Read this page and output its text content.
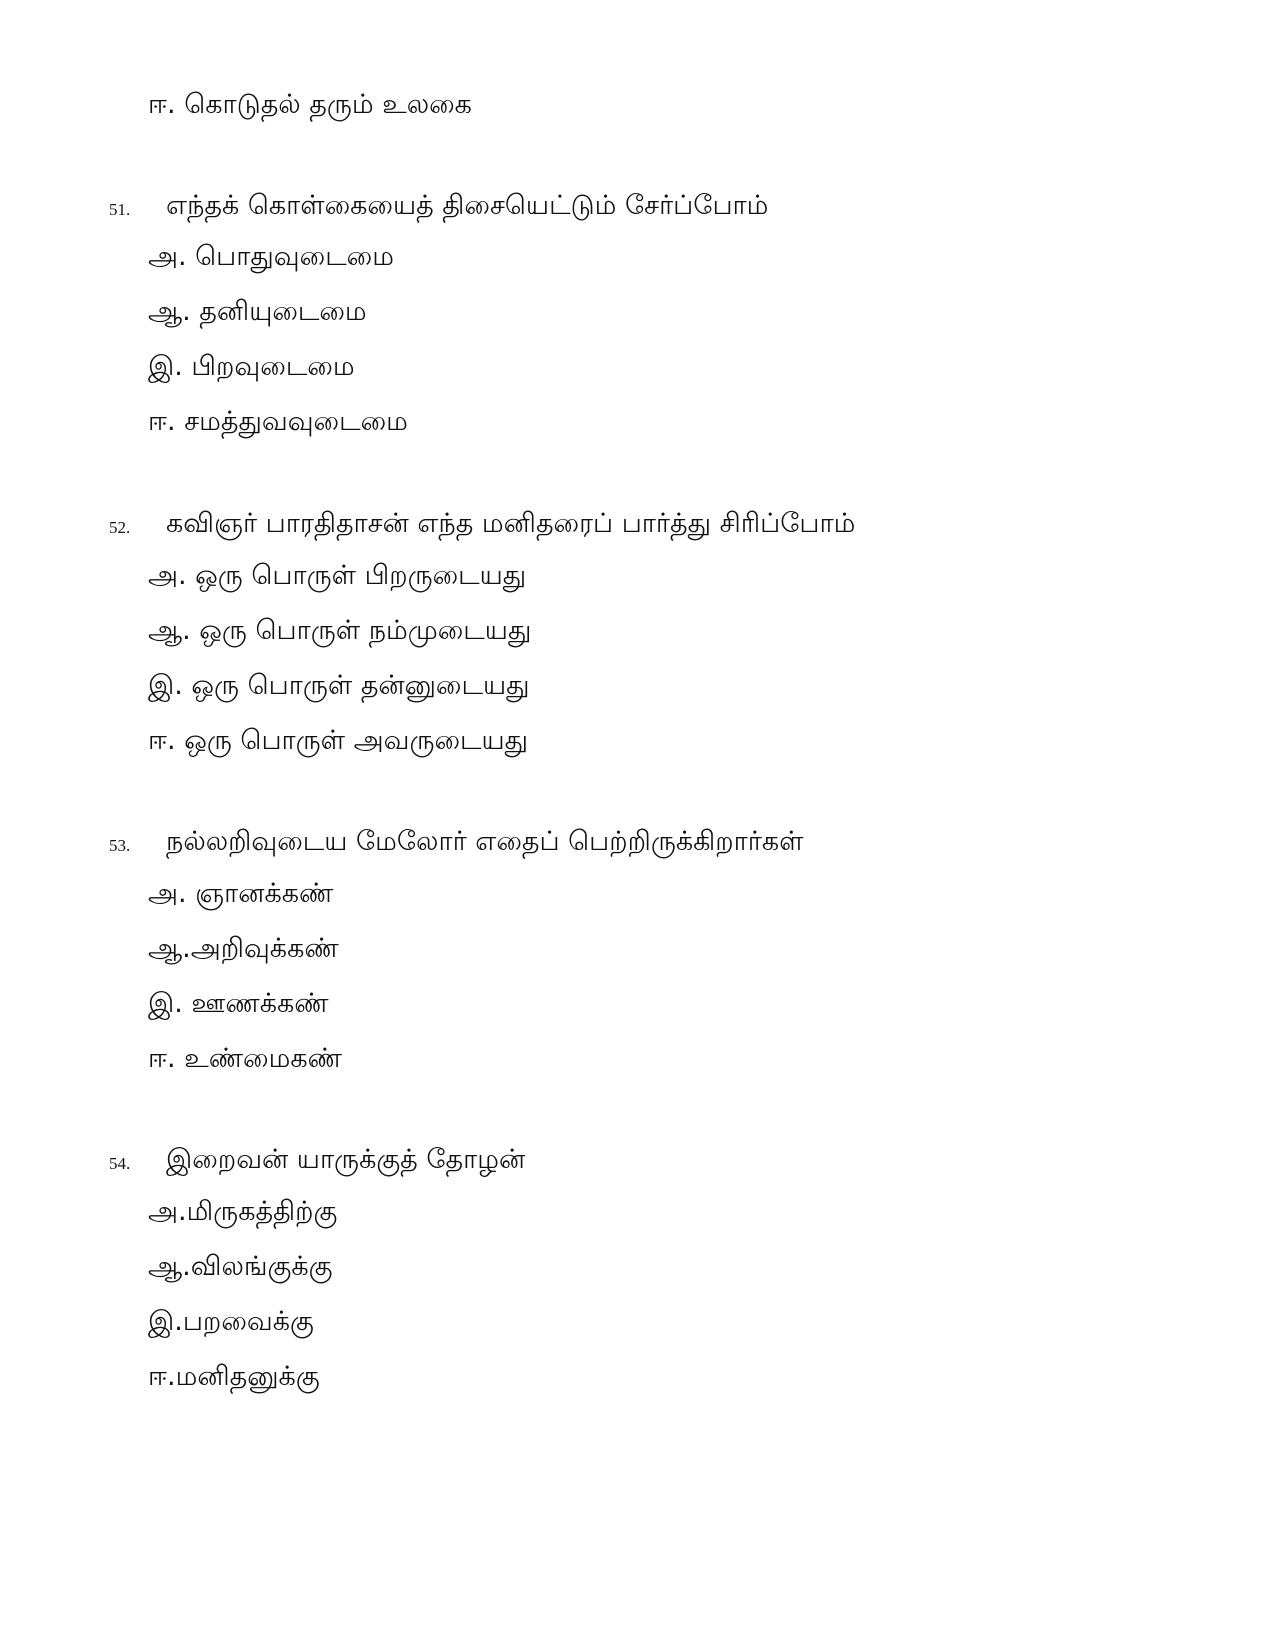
ஈ. கொடுதல் தரும் உலகை
51. எந்தக் கொள்கையைத் திசையெட்டும் சேர்ப்போம்
அ. பொதுவுடைமை
ஆ. தனியுடைமை
இ. பிறவுடைமை
ஈ. சமத்துவவுடைமை
52. கவிஞர் பாரதிதாசன் எந்த மனிதரைப் பார்த்து சிரிப்போம்
அ. ஒரு பொருள் பிறருடையது
ஆ. ஒரு பொருள் நம்முடையது
இ. ஒரு பொருள் தன்னுடையது
ஈ. ஒரு பொருள் அவருடையது
53. நல்லறிவுடைய மேலோர் எதைப் பெற்றிருக்கிறார்கள்
அ. ஞானக்கண்
ஆ.அறிவுக்கண்
இ. ஊணக்கண்
ஈ. உண்மைகண்
54. இறைவன் யாருக்குத் தோழன்
அ.மிருகத்திற்கு
ஆ.விலங்குக்கு
இ.பறவைக்கு
ஈ.மனிதனுக்கு
